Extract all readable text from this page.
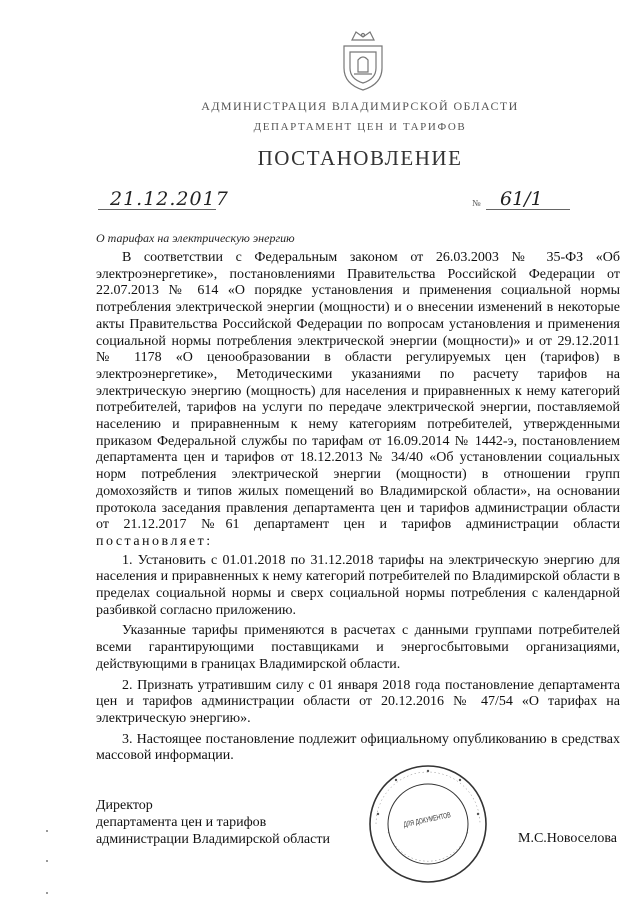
АДМИНИСТРАЦИЯ ВЛАДИМИРСКОЙ ОБЛАСТИ
ДЕПАРТАМЕНТ ЦЕН И ТАРИФОВ
ПОСТАНОВЛЕНИЕ
21.12.2017	№ 61/1
О тарифах на электрическую энергию

В соответствии с Федеральным законом от 26.03.2003 № 35-ФЗ «Об электроэнергетике», постановлениями Правительства Российской Федерации от 22.07.2013 № 614 «О порядке установления и применения социальной нормы потребления электрической энергии (мощности) и о внесении изменений в некоторые акты Правительства Российской Федерации по вопросам установления и применения социальной нормы потребления электрической энергии (мощности)» и от 29.12.2011 № 1178 «О ценообразовании в области регулируемых цен (тарифов) в электроэнергетике», Методическими указаниями по расчету тарифов на электрическую энергию (мощность) для населения и приравненных к нему категорий потребителей, тарифов на услуги по передаче электрической энергии, поставляемой населению и приравненным к нему категориям потребителей, утвержденными приказом Федеральной службы по тарифам от 16.09.2014 № 1442-э, постановлением департамента цен и тарифов от 18.12.2013 № 34/40 «Об установлении социальных норм потребления электрической энергии (мощности) в отношении групп домохозяйств и типов жилых помещений во Владимирской области», на основании протокола заседания правления департамента цен и тарифов администрации области от 21.12.2017 №61 департамент цен и тарифов администрации области постановляет:

1. Установить с 01.01.2018 по 31.12.2018 тарифы на электрическую энергию для населения и приравненных к нему категорий потребителей по Владимирской области в пределах социальной нормы и сверх социальной нормы потребления с календарной разбивкой согласно приложению.

Указанные тарифы применяются в расчетах с данными группами потребителей всеми гарантирующими поставщиками и энергосбытовыми организациями, действующими в границах Владимирской области.

2. Признать утратившим силу с 01 января 2018 года постановление департамента цен и тарифов администрации области от 20.12.2016 № 47/54 «О тарифах на электрическую энергию».

3. Настоящее постановление подлежит официальному опубликованию в средствах массовой информации.

ДЛЯ ДОКУМЕНТОВ
Директор
департамента цен и тарифов
администрации Владимирской области	М.С.Новоселова
